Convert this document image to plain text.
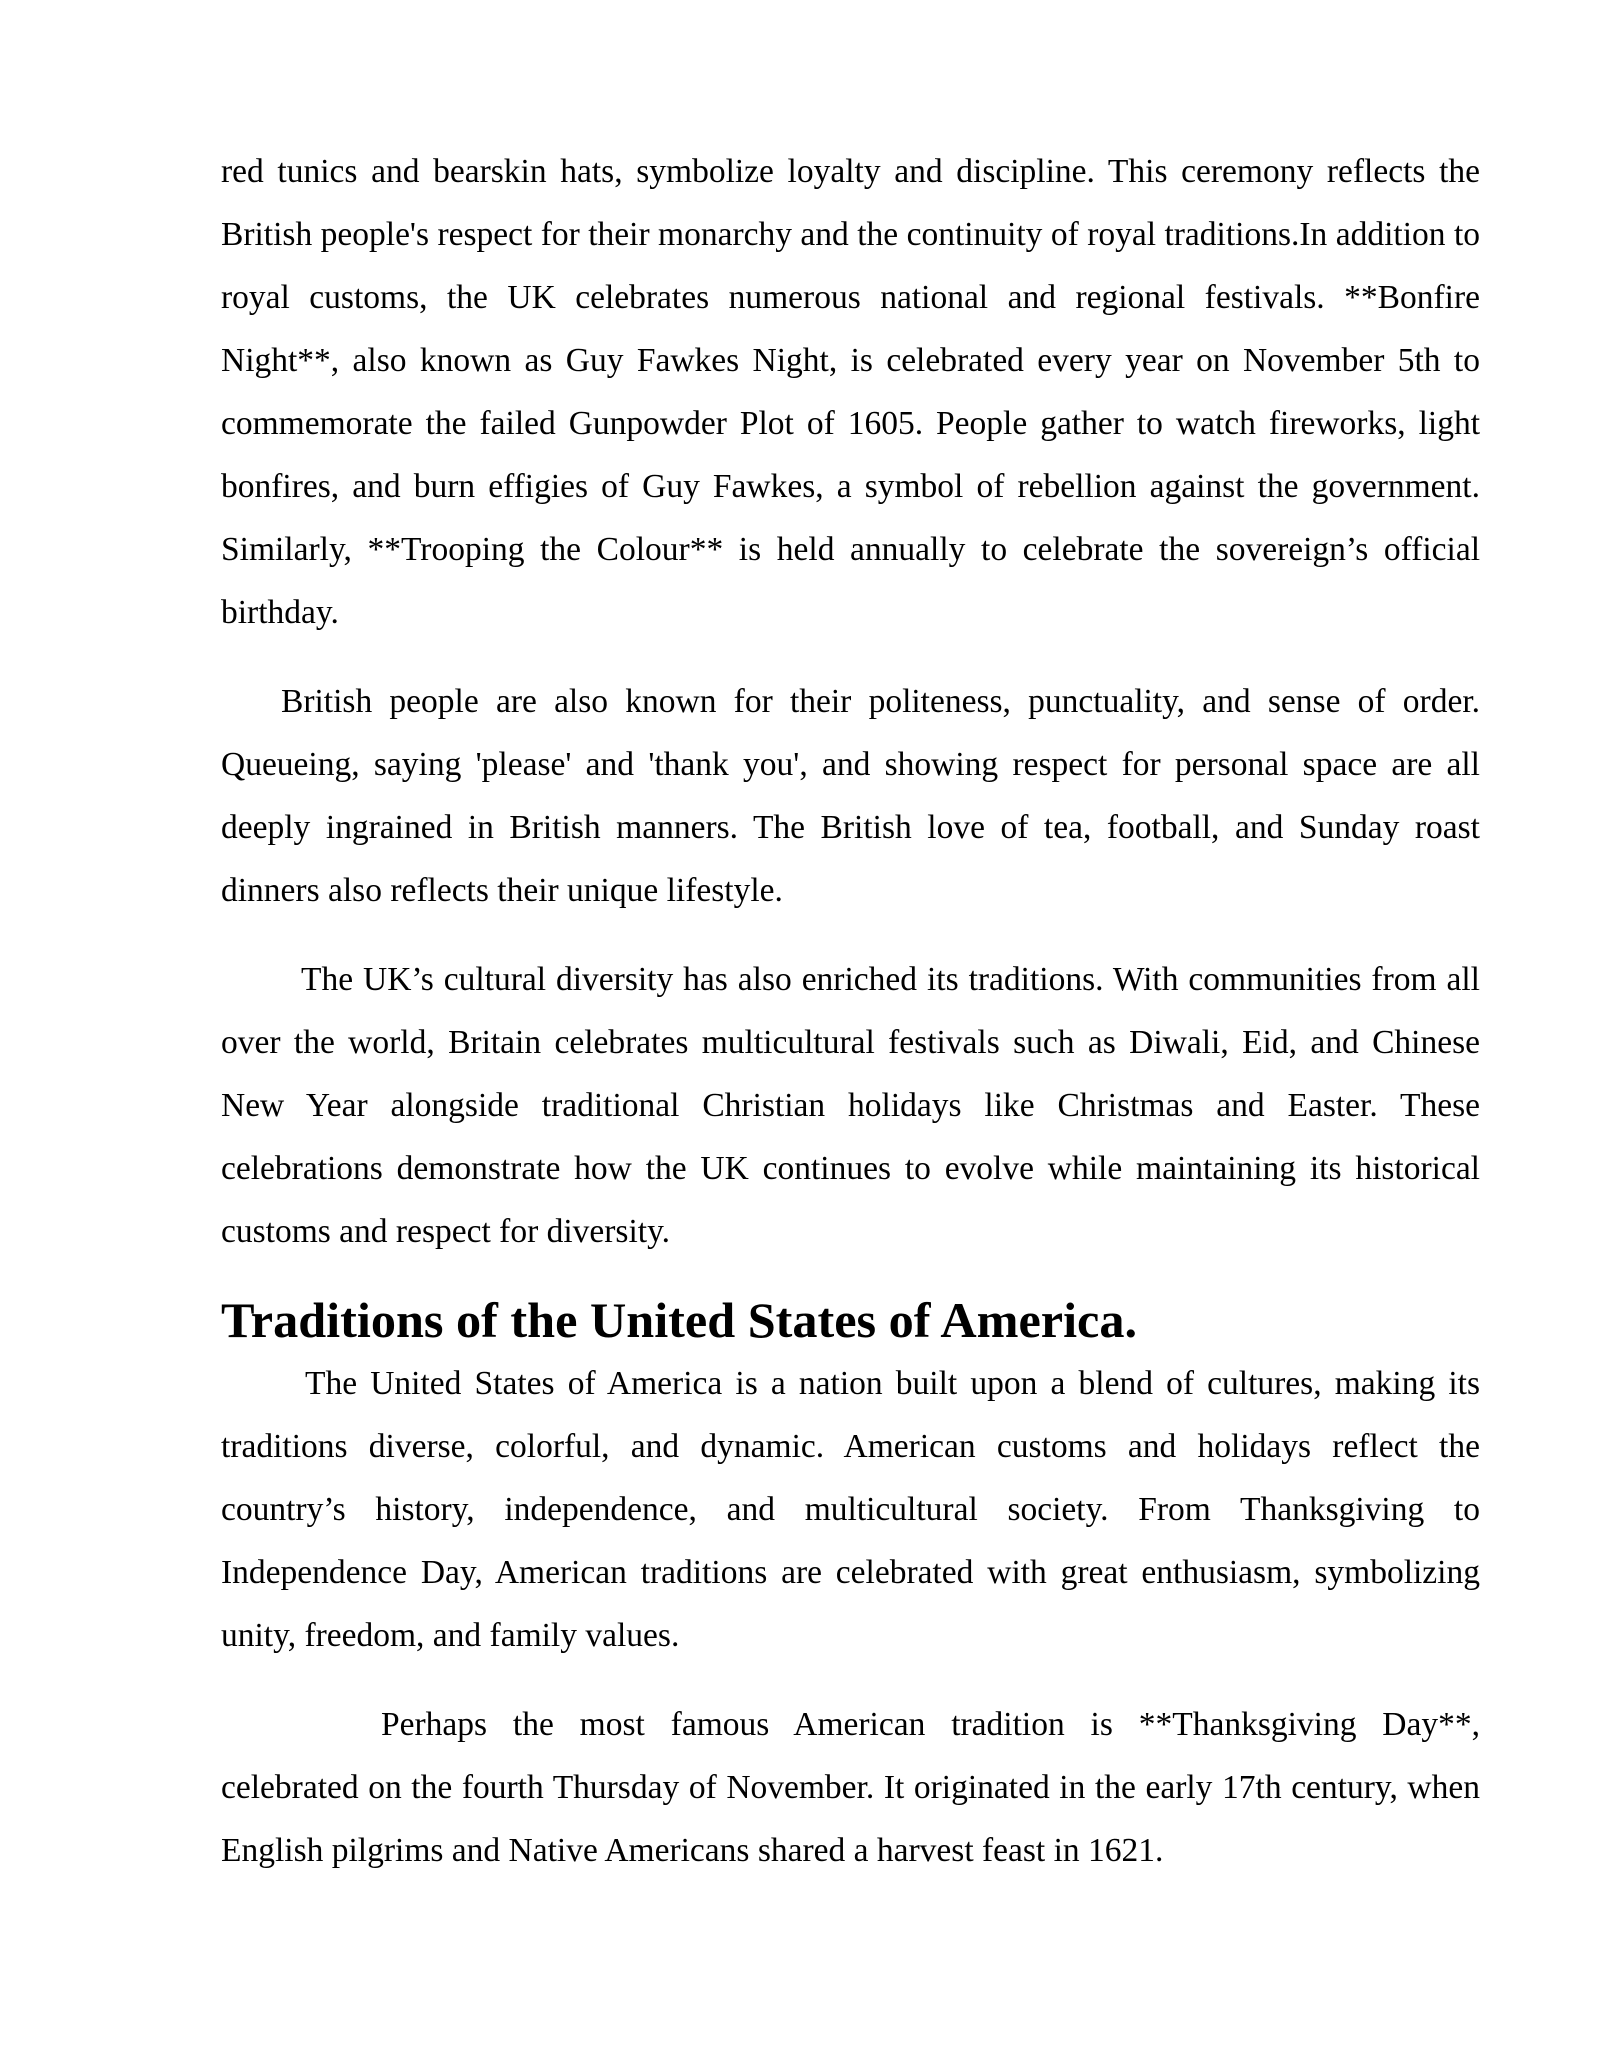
red tunics and bearskin hats, symbolize loyalty and discipline. This ceremony reflects the British people's respect for their monarchy and the continuity of royal traditions.In addition to royal customs, the UK celebrates numerous national and regional festivals. **Bonfire Night**, also known as Guy Fawkes Night, is celebrated every year on November 5th to commemorate the failed Gunpowder Plot of 1605. People gather to watch fireworks, light bonfires, and burn effigies of Guy Fawkes, a symbol of rebellion against the government. Similarly, **Trooping the Colour** is held annually to celebrate the sovereign’s official birthday.

British people are also known for their politeness, punctuality, and sense of order. Queueing, saying 'please' and 'thank you', and showing respect for personal space are all deeply ingrained in British manners. The British love of tea, football, and Sunday roast dinners also reflects their unique lifestyle.

The UK’s cultural diversity has also enriched its traditions. With communities from all over the world, Britain celebrates multicultural festivals such as Diwali, Eid, and Chinese New Year alongside traditional Christian holidays like Christmas and Easter. These celebrations demonstrate how the UK continues to evolve while maintaining its historical customs and respect for diversity.

Traditions of the United States of America.

The United States of America is a nation built upon a blend of cultures, making its traditions diverse, colorful, and dynamic. American customs and holidays reflect the country’s history, independence, and multicultural society. From Thanksgiving to Independence Day, American traditions are celebrated with great enthusiasm, symbolizing unity, freedom, and family values.

Perhaps the most famous American tradition is **Thanksgiving Day**, celebrated on the fourth Thursday of November. It originated in the early 17th century, when English pilgrims and Native Americans shared a harvest feast in 1621.
